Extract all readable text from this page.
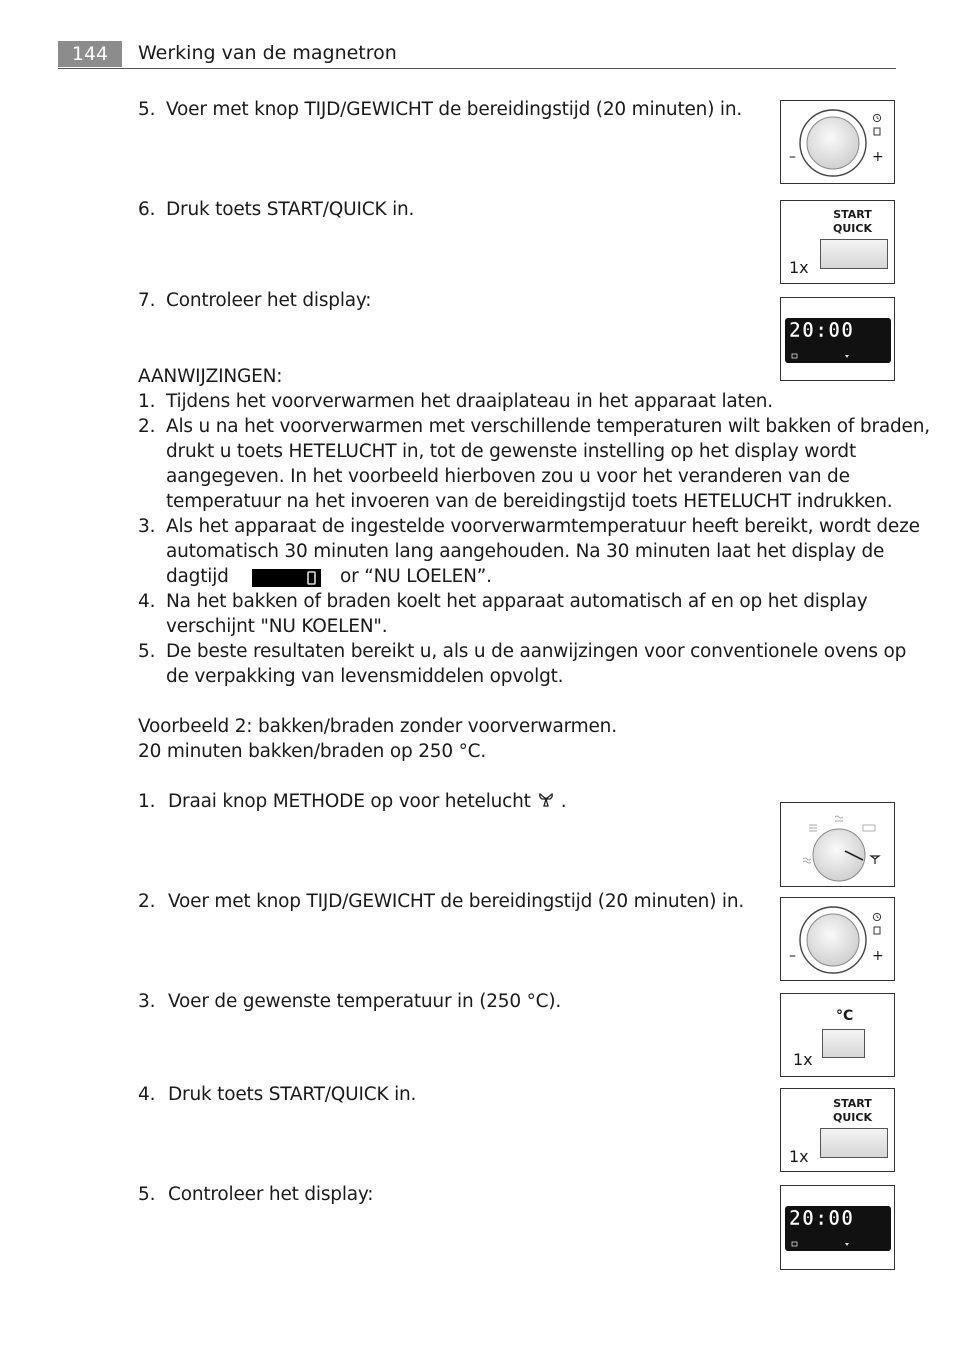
144	Werking van de magnetron
5. Voer met knop TIJD/GEWICHT de bereidingstijd (20 minuten) in.
6. Druk toets START/QUICK in.
7. Controleer het display:
AANWIJZINGEN:
1. Tijdens het voorverwarmen het draaiplateau in het apparaat laten.
2. Als u na het voorverwarmen met verschillende temperaturen wilt bakken of braden,
drukt u toets HETELUCHT in, tot de gewenste instelling op het display wordt
aangegeven. In het voorbeeld hierboven zou u voor het veranderen van de
temperatuur na het invoeren van de bereidingstijd toets HETELUCHT indrukken.
3. Als het apparaat de ingestelde voorverwarmtemperatuur heeft bereikt, wordt deze
automatisch 30 minuten lang aangehouden. Na 30 minuten laat het display de
dagtijd	or “NU LOELEN”.
4. Na het bakken of braden koelt het apparaat automatisch af en op het display
verschijnt "NU KOELEN".
5. De beste resultaten bereikt u, als u de aanwijzingen voor conventionele ovens op
de verpakking van levensmiddelen opvolgt.
Voorbeeld 2: bakken/braden zonder voorverwarmen.
20 minuten bakken/braden op 250 °C.
1. Draai knop METHODE op voor hetelucht .
2. Voer met knop TIJD/GEWICHT de bereidingstijd (20 minuten) in.
3. Voer de gewenste temperatuur in (250 °C).
4. Druk toets START/QUICK in.
5. Controleer het display:
–	+
START
QUICK
1x
20:00
–	+
°C
1x
START
QUICK
1x
20:00
